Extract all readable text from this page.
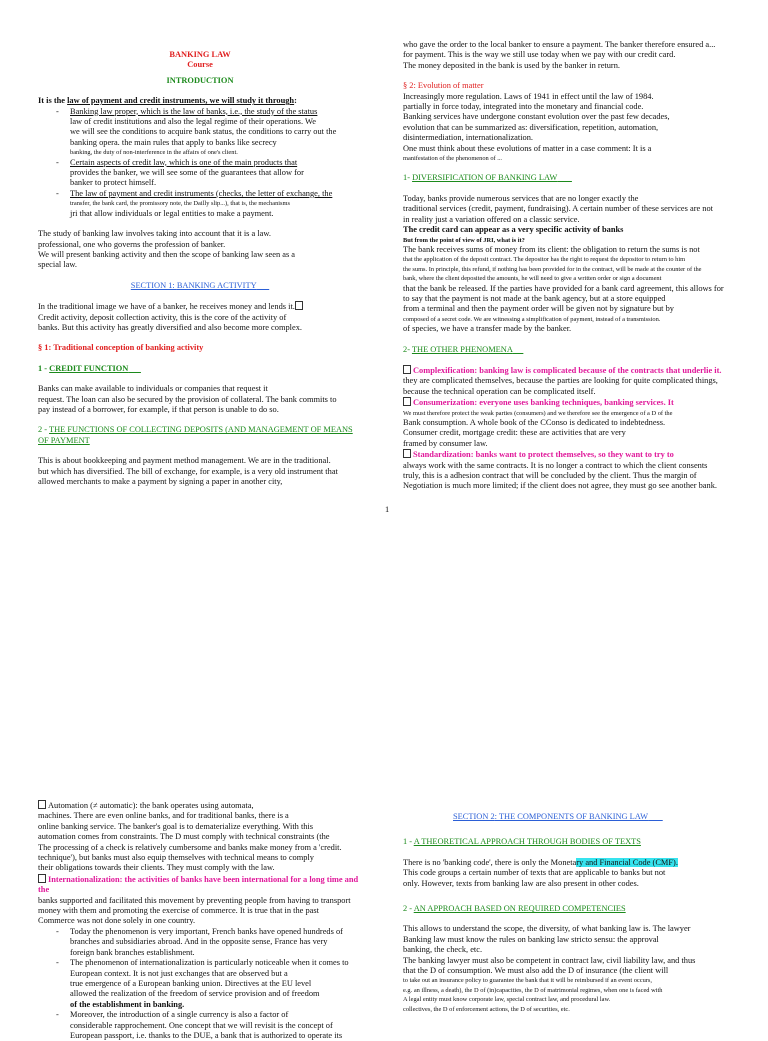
BANKING LAW

Course

INTRODUCTION

It is the law of payment and credit instruments, we will study it through:

- Banking law proper, which is the law of banks, i.e., the study of the status

law of credit institutions and also the legal regime of their operations. We

we will see the conditions to acquire bank status, the conditions to carry out the

banking opera. the main rules that apply to banks like secrecy

banking, the duty of non-interference in the affairs of one's client.

- Certain aspects of credit law, which is one of the main products that

provides the banker, we will see some of the guarantees that allow for

banker to protect himself.

- The law of payment and credit instruments (checks, the letter of exchange, the

transfer, the bank card, the promissory note, the Dailly slip...), that is, the mechanisms

jri that allow individuals or legal entities to make a payment.

The study of banking law involves taking into account that it is a law.

professional, one who governs the profession of banker.

We will present banking activity and then the scope of banking law seen as a

special law.

SECTION 1: BANKING ACTIVITY

In the traditional image we have of a banker, he receives money and lends it.

Credit activity, deposit collection activity, this is the core of the activity of

banks. But this activity has greatly diversified and also become more complex.

§ 1: Traditional conception of banking activity

1 - CREDIT FUNCTION

Banks can make available to individuals or companies that request it

request. The loan can also be secured by the provision of collateral. The bank commits to

pay instead of a borrower, for example, if that person is unable to do so.

2 - THE FUNCTIONS OF COLLECTING DEPOSITS (AND MANAGEMENT OF MEANS OF PAYMENT

This is about bookkeeping and payment method management. We are in the traditional.

but which has diversified. The bill of exchange, for example, is a very old instrument that

allowed merchants to make a payment by signing a paper in another city,

who gave the order to the local banker to ensure a payment. The banker therefore ensured a...

for payment. This is the way we still use today when we pay with our credit card.

The money deposited in the bank is used by the banker in return.

§ 2: Evolution of matter

Increasingly more regulation. Laws of 1941 in effect until the law of 1984.

partially in force today, integrated into the monetary and financial code.

Banking services have undergone constant evolution over the past few decades,

evolution that can be summarized as: diversification, repetition, automation,

disintermediation, internationalization.

One must think about these evolutions of matter in a case comment: It is a

manifestation of the phenomenon of ...

1- DIVERSIFICATION OF BANKING LAW

Today, banks provide numerous services that are no longer exactly the

traditional services (credit, payment, fundraising). A certain number of these services are not

in reality just a variation offered on a classic service.

The credit card can appear as a very specific activity of banks

But from the point of view of JRI, what is it?

The bank receives sums of money from its client: the obligation to return the sums is not

that the application of the deposit contract. The depositor has the right to request the depositor to return to him

the sums. In principle, this refund, if nothing has been provided for in the contract, will be made at the counter of the

bank, where the client deposited the amounts, he will need to give a written order or sign a document

that the bank be released. If the parties have provided for a bank card agreement, this allows for

to say that the payment is not made at the bank agency, but at a store equipped

from a terminal and then the payment order will be given not by signature but by

composed of a secret code. We are witnessing a simplification of payment, instead of a transmission.

of species, we have a transfer made by the banker.

2- THE OTHER PHENOMENA

Complexification: banking law is complicated because of the contracts that underlie it.

they are complicated themselves, because the parties are looking for quite complicated things,

because the technical operation can be complicated itself.

Consumerization: everyone uses banking techniques, banking services. It

We must therefore protect the weak parties (consumers) and we therefore see the emergence of a D of the

Bank consumption. A whole book of the CConso is dedicated to indebtedness.

Consumer credit, mortgage credit: these are activities that are very

framed by consumer law.

Standardization: banks want to protect themselves, so they want to try to

always work with the same contracts. It is no longer a contract to which the client consents

truly, this is a adhesion contract that will be concluded by the client. Thus the margin of

Negotiation is much more limited; if the client does not agree, they must go see another bank.

1

Automation (≠ automatic): the bank operates using automata,

machines. There are even online banks, and for traditional banks, there is a

online banking service. The banker's goal is to dematerialize everything. With this

automation comes from constraints. The D must comply with technical constraints (the

The processing of a check is relatively cumbersome and banks make money from a 'credit.

technique'), but banks must also equip themselves with technical means to comply

their obligations towards their clients. They must comply with the law.

Internationalization: the activities of banks have been international for a long time and the

banks supported and facilitated this movement by preventing people from having to transport

money with them and promoting the exercise of commerce. It is true that in the past

Commerce was not done solely in one country.

- Today the phenomenon is very important, French banks have opened hundreds of

branches and subsidiaries abroad. And in the opposite sense, France has very

foreign bank branches establishment.

- The phenomenon of internationalization is particularly noticeable when it comes to

European context. It is not just exchanges that are observed but a

true emergence of a European banking union. Directives at the EU level

allowed the realization of the freedom of service provision and of freedom

of the establishment in banking.

- Moreover, the introduction of a single currency is also a factor of

considerable rapprochement. One concept that we will revisit is the concept of

European passport, i.e. thanks to the DUE, a bank that is authorized to operate its

SECTION 2: THE COMPONENTS OF BANKING LAW

1 - A THEORETICAL APPROACH THROUGH BODIES OF TEXTS

There is no 'banking code', there is only the Monetary and Financial Code (CMF).

This code groups a certain number of texts that are applicable to banks but not

only. However, texts from banking law are also present in other codes.

2 - AN APPROACH BASED ON REQUIRED COMPETENCIES

This allows to understand the scope, the diversity, of what banking law is. The lawyer

Banking law must know the rules on banking law stricto sensu: the approval

banking, the check, etc.

The banking lawyer must also be competent in contract law, civil liability law, and thus

that the D of consumption. We must also add the D of insurance (the client will

to take out an insurance policy to guarantee the bank that it will be reimbursed if an event occurs,

e.g. an illness, a death), the D of (in)capacities, the D of matrimonial regimes, when one is faced with

A legal entity must know corporate law, special contract law, and procedural law.

collectives, the D of enforcement actions, the D of securities, etc.
